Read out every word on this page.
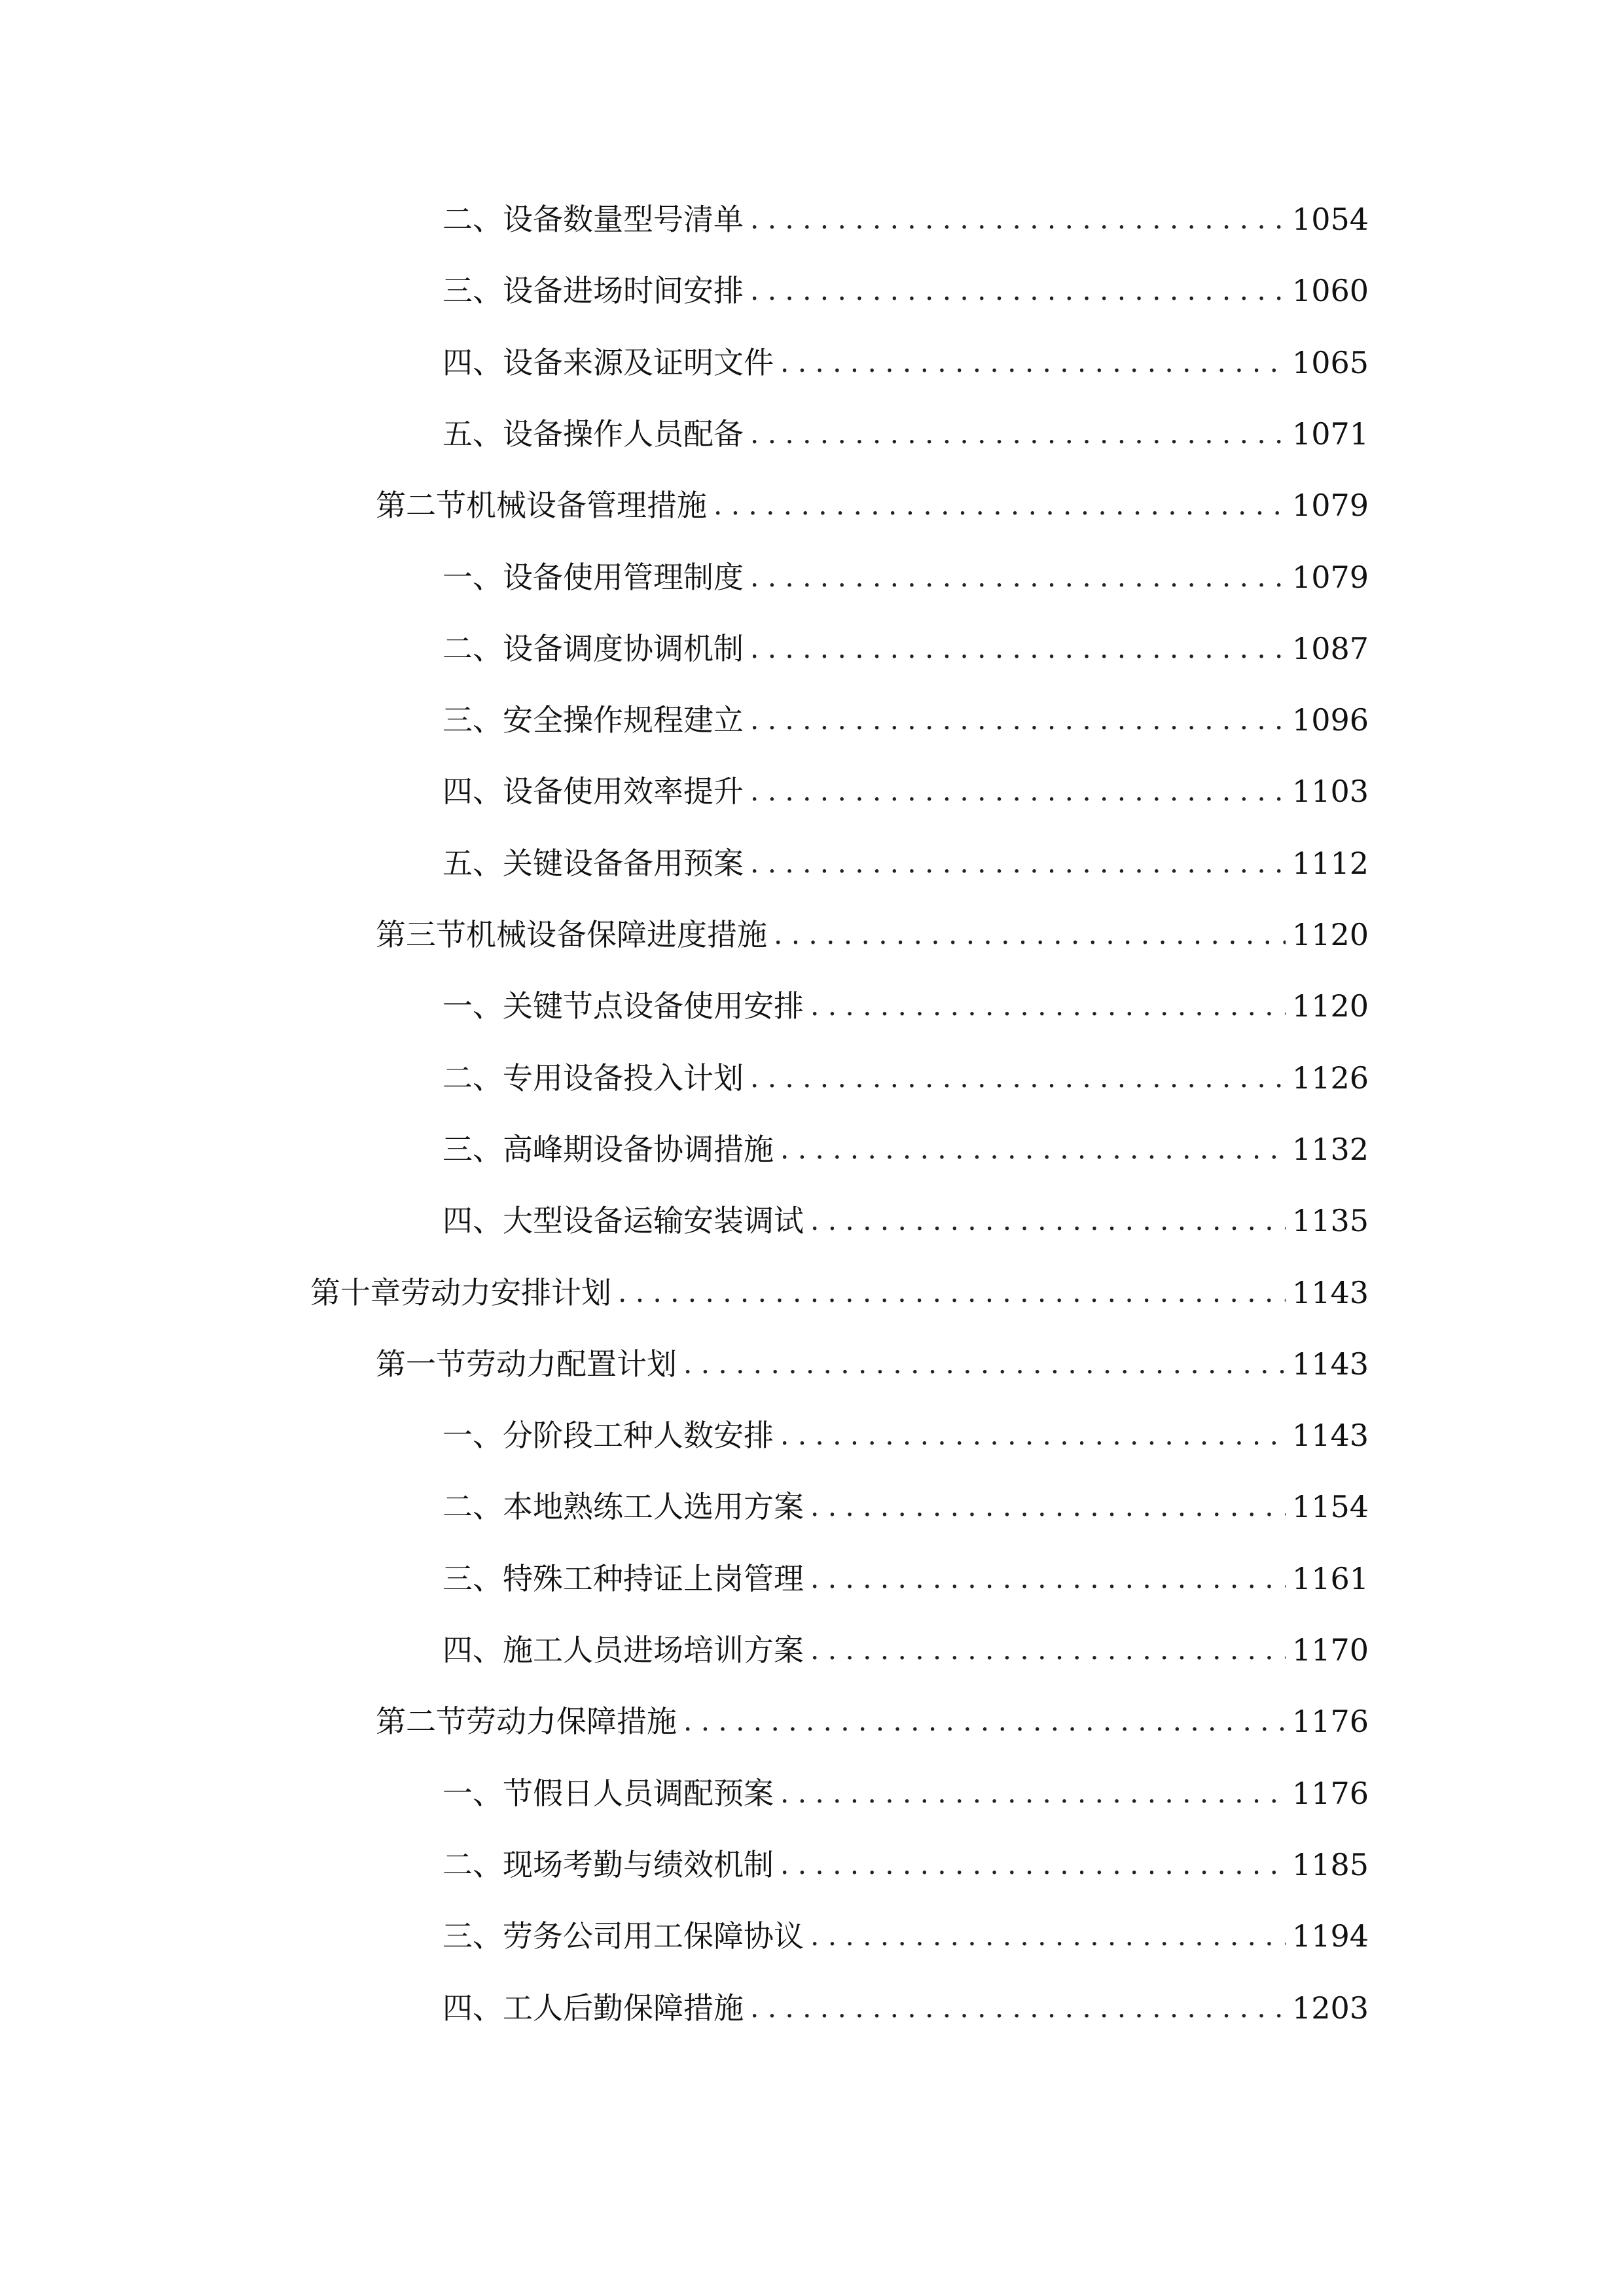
二、 设备数量型号清单 . . .	1054
三、 设备进场时间安排 . . .	1060
四、 设备来源及证明文件 . . .	1065
五、 设备操作人员配备 . . .	1071
第二节 机械设备管理措施 . . .	1079
一、 设备使用管理制度 . . .	1079
二、 设备调度协调机制 . . .	1087
三、 安全操作规程建立 . . .	1096
四、 设备使用效率提升 . . .	1103
五、 关键设备备用预案 . . .	1112
第三节 机械设备保障进度措施 . . .	1120
一、 关键节点设备使用安排 . . .	1120
二、 专用设备投入计划 . . .	1126
三、 高峰期设备协调措施 . . .	1132
四、 大型设备运输安装调试 . . .	1135
第十章 劳动力安排计划 . . .	1143
第一节 劳动力配置计划 . . .	1143
一、 分阶段工种人数安排 . . .	1143
二、 本地熟练工人选用方案 . . .	1154
三、 特殊工种持证上岗管理 . . .	1161
四、 施工人员进场培训方案 . . .	1170
第二节 劳动力保障措施 . . .	1176
一、 节假日人员调配预案 . . .	1176
二、 现场考勤与绩效机制 . . .	1185
三、 劳务公司用工保障协议 . . .	1194
四、 工人后勤保障措施 . . .	1203
